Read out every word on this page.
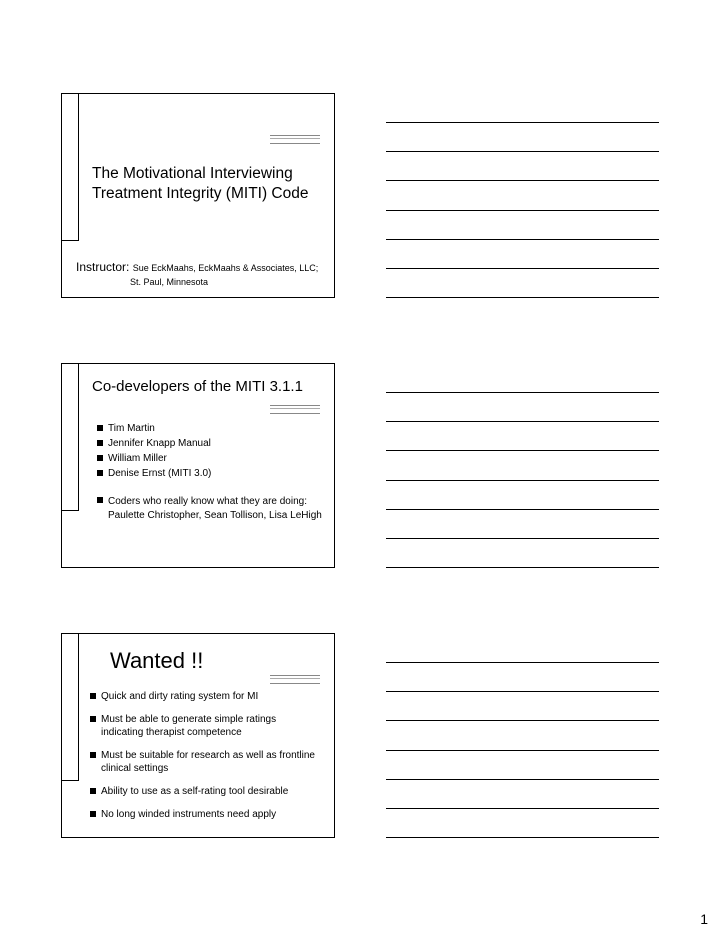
The Motivational Interviewing Treatment Integrity (MITI) Code
Instructor: Sue EckMaahs, EckMaahs & Associates, LLC;
St. Paul, Minnesota
Co-developers of the MITI 3.1.1
Tim Martin
Jennifer Knapp Manual
William Miller
Denise Ernst (MITI 3.0)
Coders who really know what they are doing:
Paulette Christopher, Sean Tollison, Lisa LeHigh
Wanted !!
Quick and dirty rating system for MI
Must be able to generate simple ratings indicating therapist competence
Must be suitable for research as well as frontline clinical settings
Ability to use as a self-rating tool desirable
No long winded instruments need apply
1
